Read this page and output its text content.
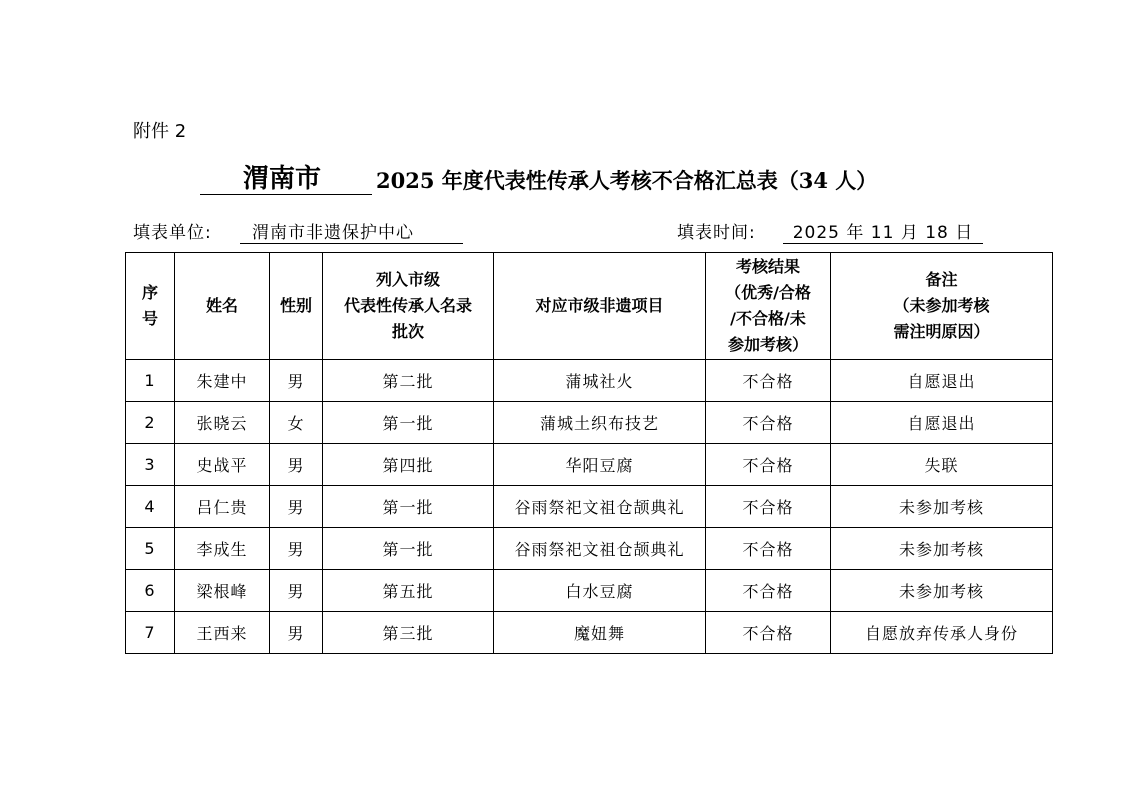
附件 2
渭南市	2025 年度代表性传承人考核不合格汇总表（34 人）
填表单位:	渭南市非遗保护中心	填表时间:	2025 年 11 月 18 日
序
号	姓名	性别	列入市级
代表性传承人名录
批次	对应市级非遗项目	考核结果
（优秀/合格
/不合格/未
参加考核）	备注
（未参加考核
需注明原因）

1	朱建中	男	第二批	蒲城社火	不合格	自愿退出
2	张晓云	女	第一批	蒲城土织布技艺	不合格	自愿退出
3	史战平	男	第四批	华阳豆腐	不合格	失联
4	吕仁贵	男	第一批	谷雨祭祀文祖仓颉典礼	不合格	未参加考核
5	李成生	男	第一批	谷雨祭祀文祖仓颉典礼	不合格	未参加考核
6	梁根峰	男	第五批	白水豆腐	不合格	未参加考核
7	王西来	男	第三批	魔妞舞	不合格	自愿放弃传承人身份
